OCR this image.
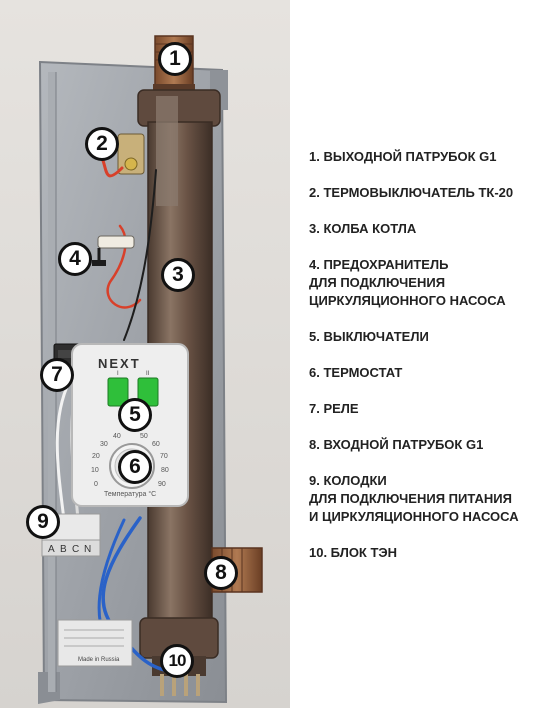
NEXT
I	II
0
10
20
30
40	50
60
70
80
90
Температура °С
A B C N
Made in Russia
1
2
3
4
5
6
7
8
9
10
1. ВЫХОДНОЙ ПАТРУБОК G1
2. ТЕРМОВЫКЛЮЧАТЕЛЬ ТК-20
3. КОЛБА КОТЛА
4. ПРЕДОХРАНИТЕЛЬ
ДЛЯ ПОДКЛЮЧЕНИЯ
ЦИРКУЛЯЦИОННОГО НАСОСА
5. ВЫКЛЮЧАТЕЛИ
6. ТЕРМОСТАТ
7. РЕЛЕ
8. ВХОДНОЙ ПАТРУБОК G1
9. КОЛОДКИ
ДЛЯ ПОДКЛЮЧЕНИЯ ПИТАНИЯ
И ЦИРКУЛЯЦИОННОГО НАСОСА
10. БЛОК ТЭН
